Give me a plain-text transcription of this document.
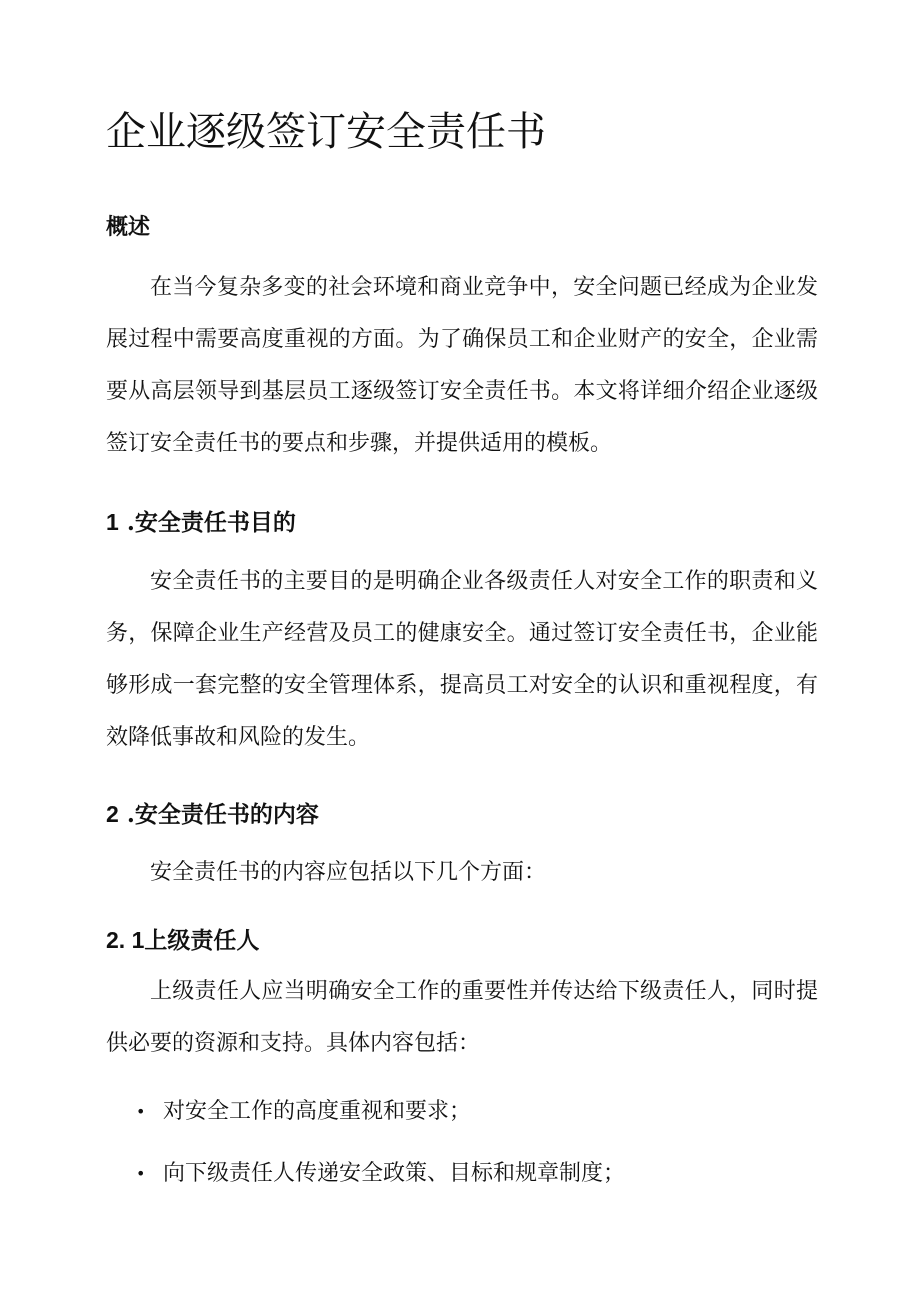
企业逐级签订安全责任书
概述

在当今复杂多变的社会环境和商业竞争中，安全问题已经成为企业发展过程中需要高度重视的方面。为了确保员工和企业财产的安全，企业需要从高层领导到基层员工逐级签订安全责任书。本文将详细介绍企业逐级签订安全责任书的要点和步骤，并提供适用的模板。

1 .安全责任书目的

安全责任书的主要目的是明确企业各级责任人对安全工作的职责和义务，保障企业生产经营及员工的健康安全。通过签订安全责任书，企业能够形成一套完整的安全管理体系，提高员工对安全的认识和重视程度，有效降低事故和风险的发生。

2 .安全责任书的内容

安全责任书的内容应包括以下几个方面：

2. 1上级责任人

上级责任人应当明确安全工作的重要性并传达给下级责任人，同时提供必要的资源和支持。具体内容包括：

• 对安全工作的高度重视和要求；
• 向下级责任人传递安全政策、目标和规章制度；
